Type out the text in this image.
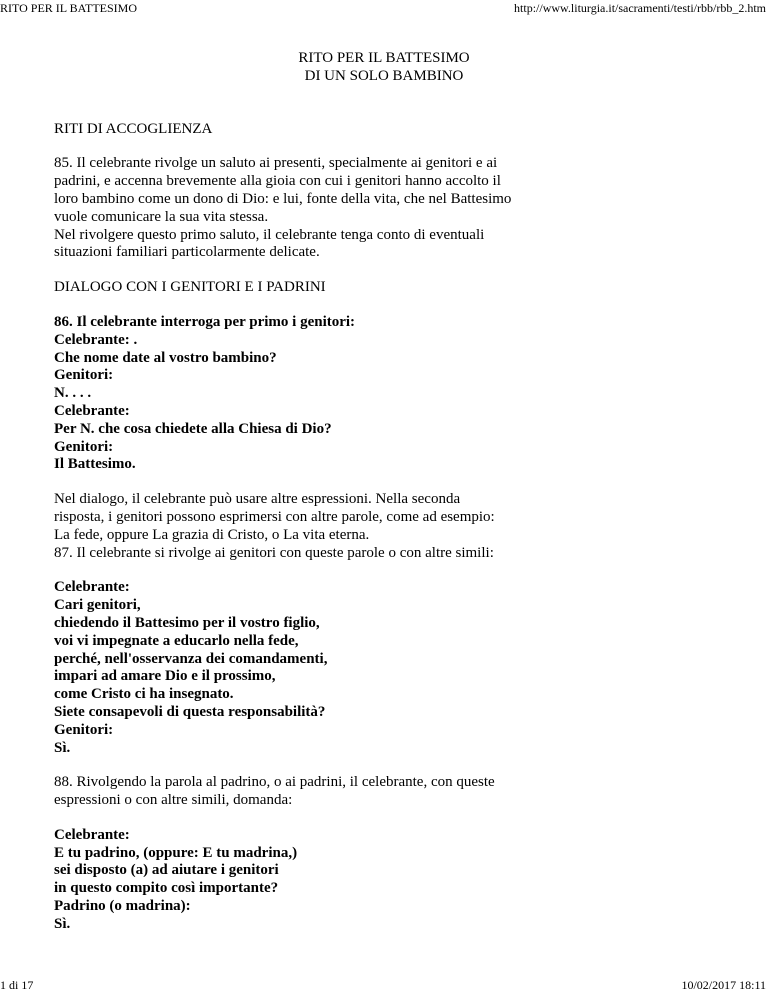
RITO PER IL BATTESIMO	http://www.liturgia.it/sacramenti/testi/rbb/rbb_2.htm
RITO PER IL BATTESIMO
DI UN SOLO BAMBINO
RITI DI ACCOGLIENZA

85. Il celebrante rivolge un saluto ai presenti, specialmente ai genitori e ai
padrini, e accenna brevemente alla gioia con cui i genitori hanno accolto il
loro bambino come un dono di Dio: e lui, fonte della vita, che nel Battesimo
vuole comunicare la sua vita stessa.
Nel rivolgere questo primo saluto, il celebrante tenga conto di eventuali
situazioni familiari particolarmente delicate.

DIALOGO CON I GENITORI E I PADRINI

86. Il celebrante interroga per primo i genitori:
Celebrante: .
Che nome date al vostro bambino?
Genitori:
N. . . .
Celebrante:
Per N. che cosa chiedete alla Chiesa di Dio?
Genitori:
Il Battesimo.

Nel dialogo, il celebrante può usare altre espressioni. Nella seconda
risposta, i genitori possono esprimersi con altre parole, come ad esempio:
La fede, oppure La grazia di Cristo, o La vita eterna.
87. Il celebrante si rivolge ai genitori con queste parole o con altre simili:

Celebrante:
Cari genitori,
chiedendo il Battesimo per il vostro figlio,
voi vi impegnate a educarlo nella fede,
perché, nell'osservanza dei comandamenti,
impari ad amare Dio e il prossimo,
come Cristo ci ha insegnato.
Siete consapevoli di questa responsabilità?
Genitori:
Sì.

88. Rivolgendo la parola al padrino, o ai padrini, il celebrante, con queste
espressioni o con altre simili, domanda:

Celebrante:
E tu padrino, (oppure: E tu madrina,)
sei disposto (a) ad aiutare i genitori
in questo compito così importante?
Padrino (o madrina):
Sì.

1 di 17	10/02/2017 18:11
